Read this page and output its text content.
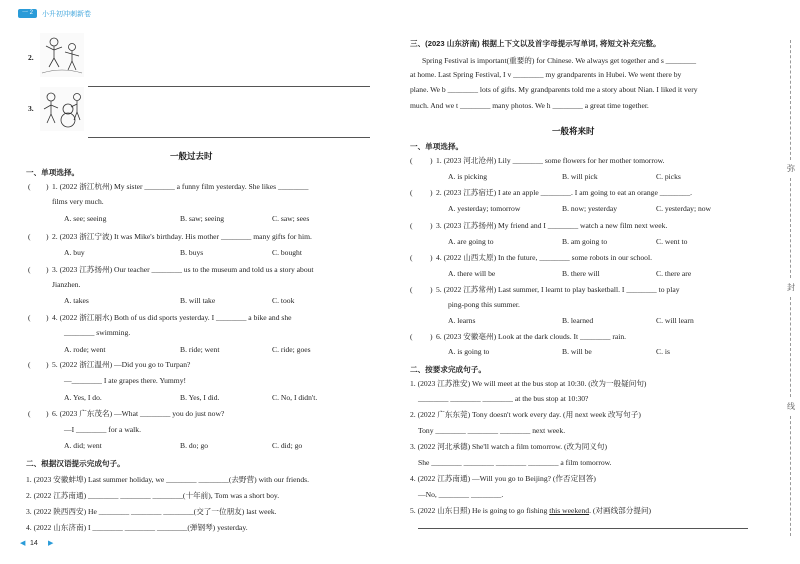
一 2	小升初冲刺新卷
2.
3.
一般过去时
一、单项选择。
( ) 1. (2022 浙江杭州) My sister ________ a funny film yesterday. She likes ________
films very much.
A. see; seeing	B. saw; seeing	C. saw; sees
( ) 2. (2023 浙江宁波) It was Mike's birthday. His mother ________ many gifts for him.
A. buy	B. buys	C. bought
( ) 3. (2023 江苏扬州) Our teacher ________ us to the museum and told us a story about
Jianzhen.
A. takes	B. will take	C. took
( ) 4. (2022 浙江丽水) Both of us did sports yesterday. I ________ a bike and she
________ swimming.
A. rode; went	B. ride; went	C. ride; goes
( ) 5. (2022 浙江温州) —Did you go to Turpan?
—________ I ate grapes there. Yummy!
A. Yes, I do.	B. Yes, I did.	C. No, I didn't.
( ) 6. (2023 广东茂名) —What ________ you do just now?
—I ________ for a walk.
A. did; went	B. do; go	C. did; go
二、根据汉语提示完成句子。
1. (2023 安徽蚌埠) Last summer holiday, we ________ ________(去野营) with our friends.
2. (2022 江苏南通) ________ ________ ________(十年前), Tom was a short boy.
3. (2022 陕西西安) He ________ ________ ________(交了一位朋友) last week.
4. (2022 山东济南) I ________ ________ ________(弹钢琴) yesterday.
◀ 14 ▶
三、(2023 山东济南) 根据上下文以及首字母提示写单词, 将短文补充完整。
Spring Festival is important(重要的) for Chinese. We always get together and s ________
at home. Last Spring Festival, I v ________ my grandparents in Hubei. We went there by
plane. We b ________ lots of gifts. My grandparents told me a story about Nian. I liked it very
much. And we t ________ many photos. We h ________ a great time together.
一般将来时
一、单项选择。
( ) 1. (2023 河北沧州) Lily ________ some flowers for her mother tomorrow.
A. is picking	B. will pick	C. picks
( ) 2. (2023 江苏宿迁) I ate an apple ________. I am going to eat an orange ________.
A. yesterday; tomorrow	B. now; yesterday	C. yesterday; now
( ) 3. (2023 江苏扬州) My friend and I ________ watch a new film next week.
A. are going to	B. am going to	C. went to
( ) 4. (2022 山西太原) In the future, ________ some robots in our school.
A. there will be	B. there will	C. there are
( ) 5. (2022 江苏常州) Last summer, I learnt to play basketball. I ________ to play
ping-pong this summer.
A. learns	B. learned	C. will learn
( ) 6. (2023 安徽亳州) Look at the dark clouds. It ________ rain.
A. is going to	B. will be	C. is
二、按要求完成句子。
1. (2023 江苏淮安) We will meet at the bus stop at 10:30. (改为一般疑问句)
________ ________ ________ at the bus stop at 10:30?
2. (2022 广东东莞) Tony doesn't work every day. (用 next week 改写句子)
Tony ________ ________ ________ next week.
3. (2022 河北承德) She'll watch a film tomorrow. (改为同义句)
She ________ ________ ________ ________ a film tomorrow.
4. (2022 江苏南通) —Will you go to Beijing? (作否定回答)
—No, ________ ________.
5. (2022 山东日照) He is going to go fishing this weekend. (对画线部分提问)
弥
封
线
